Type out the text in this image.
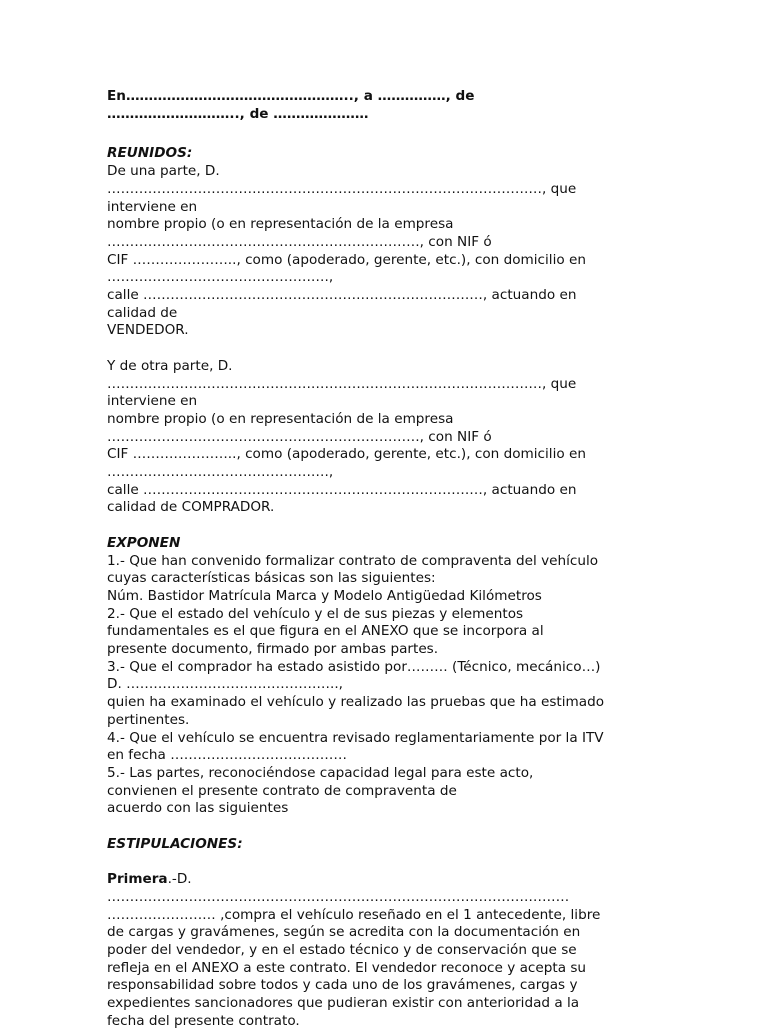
En………………………………………….., a ……………, de

……………………….., de …………………

REUNIDOS:

De una parte, D.

……………………………………………………………………………………, que

interviene en

nombre propio (o en representación de la empresa

……………………………………………………………, con NIF ó

CIF ………………….., como (apoderado, gerente, etc.), con domicilio en

………………………………………….,

calle …………………………………………………………………, actuando en

calidad de

VENDEDOR.

Y de otra parte, D.

……………………………………………………………………………………, que

interviene en

nombre propio (o en representación de la empresa

……………………………………………………………, con NIF ó

CIF ………………….., como (apoderado, gerente, etc.), con domicilio en

………………………………………….,

calle …………………………………………………………………, actuando en

calidad de COMPRADOR.

EXPONEN

1.- Que han convenido formalizar contrato de compraventa del vehículo

cuyas características básicas son las siguientes:

Núm. Bastidor Matrícula Marca y Modelo Antigüedad Kilómetros

2.- Que el estado del vehículo y el de sus piezas y elementos

fundamentales es el que figura en el ANEXO que se incorpora al

presente documento, firmado por ambas partes.

3.- Que el comprador ha estado asistido por……… (Técnico, mecánico…)

D. ………………………………………..,

quien ha examinado el vehículo y realizado las pruebas que ha estimado

pertinentes.

4.- Que el vehículo se encuentra revisado reglamentariamente por la ITV

en fecha …………………………………

5.- Las partes, reconociéndose capacidad legal para este acto,

convienen el presente contrato de compraventa de

acuerdo con las siguientes

ESTIPULACIONES:

Primera.-D.

…………………………………………………………………………………………

…………………… ,compra el vehículo reseñado en el 1 antecedente, libre

de cargas y gravámenes, según se acredita con la documentación en

poder del vendedor, y en el estado técnico y de conservación que se

refleja en el ANEXO a este contrato. El vendedor reconoce y acepta su

responsabilidad sobre todos y cada uno de los gravámenes, cargas y

expedientes sancionadores que pudieran existir con anterioridad a la

fecha del presente contrato.
